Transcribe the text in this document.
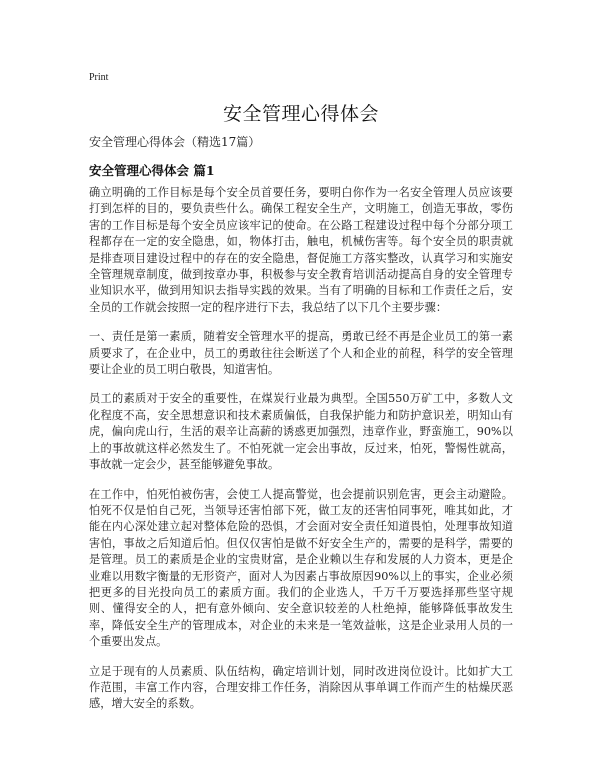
Print
安全管理心得体会
安全管理心得体会（精选17篇）
安全管理心得体会 篇1

确立明确的工作目标是每个安全员首要任务，要明白你作为一名安全管理人员应该要打到怎样的目的，要负责些什么。确保工程安全生产，文明施工，创造无事故，零伤害的工作目标是每个安全员应该牢记的使命。在公路工程建设过程中每个分部分项工程都存在一定的安全隐患，如，物体打击，触电，机械伤害等。每个安全员的职责就是排查项目建设过程中的存在的安全隐患，督促施工方落实整改，认真学习和实施安全管理规章制度，做到按章办事，积极参与安全教育培训活动提高自身的安全管理专业知识水平，做到用知识去指导实践的效果。当有了明确的目标和工作责任之后，安全员的工作就会按照一定的程序进行下去，我总结了以下几个主要步骤：

一、责任是第一素质，随着安全管理水平的提高，勇敢已经不再是企业员工的第一素质要求了，在企业中，员工的勇敢往往会断送了个人和企业的前程，科学的安全管理要让企业的员工明白敬畏，知道害怕。

员工的素质对于安全的重要性，在煤炭行业最为典型。全国550万矿工中，多数人文化程度不高，安全思想意识和技术素质偏低，自我保护能力和防护意识差，明知山有虎，偏向虎山行，生活的艰辛让高薪的诱惑更加强烈，违章作业，野蛮施工，90%以上的事故就这样必然发生了。不怕死就一定会出事故，反过来，怕死，警惕性就高，事故就一定会少，甚至能够避免事故。

在工作中，怕死怕被伤害，会使工人提高警觉，也会提前识别危害，更会主动避险。怕死不仅是怕自己死，当领导还害怕部下死，做工友的还害怕同事死，唯其如此，才能在内心深处建立起对整体危险的恐惧，才会面对安全责任知道畏怕，处理事故知道害怕，事故之后知道后怕。但仅仅害怕是做不好安全生产的，需要的是科学，需要的是管理。员工的素质是企业的宝贵财富，是企业赖以生存和发展的人力资本，更是企业难以用数字衡量的无形资产，面对人为因素占事故原因90%以上的事实，企业必须把更多的目光投向员工的素质方面。我们的企业选人，千万千万要选择那些坚守规则、懂得安全的人，把有意外倾向、安全意识较差的人杜绝掉，能够降低事故发生率，降低安全生产的管理成本，对企业的未来是一笔效益帐，这是企业录用人员的一个重要出发点。

立足于现有的人员素质、队伍结构，确定培训计划，同时改进岗位设计。比如扩大工作范围，丰富工作内容，合理安排工作任务，消除因从事单调工作而产生的枯燥厌恶感，增大安全的系数。
